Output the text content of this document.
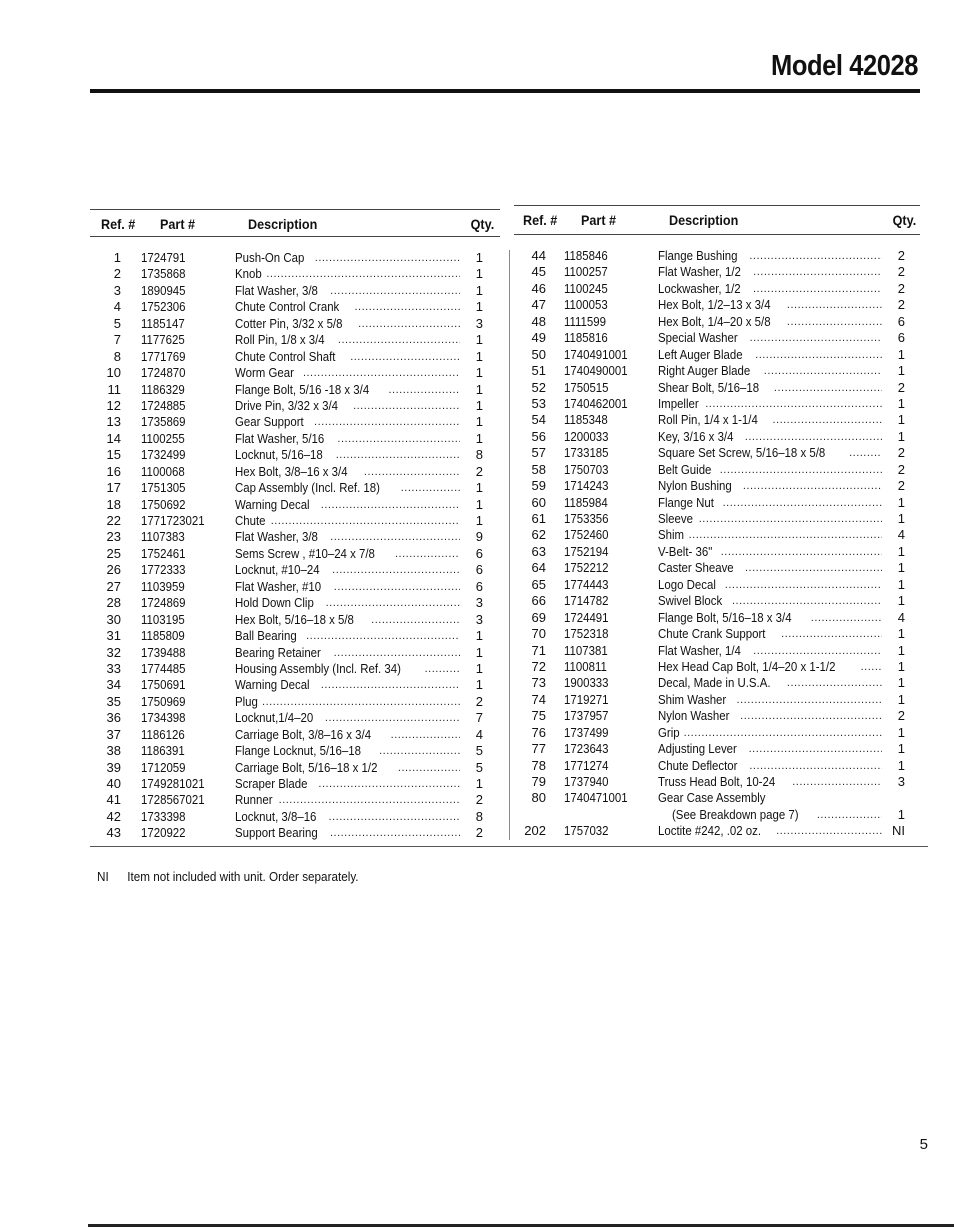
Model 42028
Ref. # Part #	Description	Qty. Ref. # Part #	Description	Qty.
1 1724791	Push-On Cap .....	1
2 1735868	Knob .....	1
3 1890945	Flat Washer, 3/8 .....	1
4 1752306	Chute Control Crank .....	1
5 1185147	Cotter Pin, 3/32 x 5/8 .....	3
7 1177625	Roll Pin, 1/8 x 3/4 .....	1
8 1771769	Chute Control Shaft .....	1
10 1724870	Worm Gear .....	1
11 1186329	Flange Bolt, 5/16 -18 x 3/4 .....	1
12 1724885	Drive Pin, 3/32 x 3/4 .....	1
13 1735869	Gear Support .....	1
14 1100255	Flat Washer, 5/16 .....	1
15 1732499	Locknut, 5/16–18 .....	8
16 1100068	Hex Bolt, 3/8–16 x 3/4 .....	2
17 1751305	Cap Assembly (Incl. Ref. 18) .....	1
18 1750692	Warning Decal .....	1
22 1771723021 Chute .....	1
23 1107383	Flat Washer, 3/8 .....	9
25 1752461	Sems Screw , #10–24 x 7/8 .....	6
26 1772333	Locknut, #10–24 .....	6
27 1103959	Flat Washer, #10 .....	6
28 1724869	Hold Down Clip .....	3
30 1103195	Hex Bolt, 5/16–18 x 5/8 .....	3
31 1185809	Ball Bearing .....	1
32 1739488	Bearing Retainer .....	1
33 1774485	Housing Assembly (Incl. Ref. 34) .....	1
34 1750691	Warning Decal .....	1
35 1750969	Plug .....	2
36 1734398	Locknut,1/4–20 .....	7
37 1186126	Carriage Bolt, 3/8–16 x 3/4 .....	4
38 1186391	Flange Locknut, 5/16–18 .....	5
39 1712059	Carriage Bolt, 5/16–18 x 1/2 .....	5
40 1749281021 Scraper Blade .....	1
41 1728567021 Runner .....	2
42 1733398	Locknut, 3/8–16 .....	8
43 1720922	Support Bearing .....	2
44 1185846	Flange Bushing .....	2
45 1100257	Flat Washer, 1/2 .....	2
46 1100245	Lockwasher, 1/2 .....	2
47 1100053	Hex Bolt, 1/2–13 x 3/4 .....	2
48 1111599	Hex Bolt, 1/4–20 x 5/8 .....	6
49 1185816	Special Washer .....	6
50 1740491001 Left Auger Blade .....	1
51 1740490001 Right Auger Blade .....	1
52 1750515	Shear Bolt, 5/16–18 .....	2
53 1740462001 Impeller .....	1
54 1185348	Roll Pin, 1/4 x 1-1/4 .....	1
56 1200033	Key, 3/16 x 3/4 .....	1
57 1733185	Square Set Screw, 5/16–18 x 5/8 .....	2
58 1750703	Belt Guide .....	2
59 1714243	Nylon Bushing .....	2
60 1185984	Flange Nut .....	1
61 1753356	Sleeve .....	1
62 1752460	Shim .....	4
63 1752194	V-Belt- 36" .....	1
64 1752212	Caster Sheave .....	1
65 1774443	Logo Decal .....	1
66 1714782	Swivel Block .....	1
69 1724491	Flange Bolt, 5/16–18 x 3/4 .....	4
70 1752318	Chute Crank Support .....	1
71 1107381	Flat Washer, 1/4 .....	1
72 1100811	Hex Head Cap Bolt, 1/4–20 x 1-1/2 .....	1
73 1900333	Decal, Made in U.S.A. .....	1
74 1719271	Shim Washer .....	1
75 1737957	Nylon Washer .....	2
76 1737499	Grip .....	1
77 1723643	Adjusting Lever .....	1
78 1771274	Chute Deflector .....	1
79 1737940	Truss Head Bolt, 10-24 .....	3
80 1740471001 Gear Case Assembly
(See Breakdown page 7) .....	1
202 1757032	Loctite #242, .02 oz. .....	NI
NI Item not included with unit. Order separately.
5
